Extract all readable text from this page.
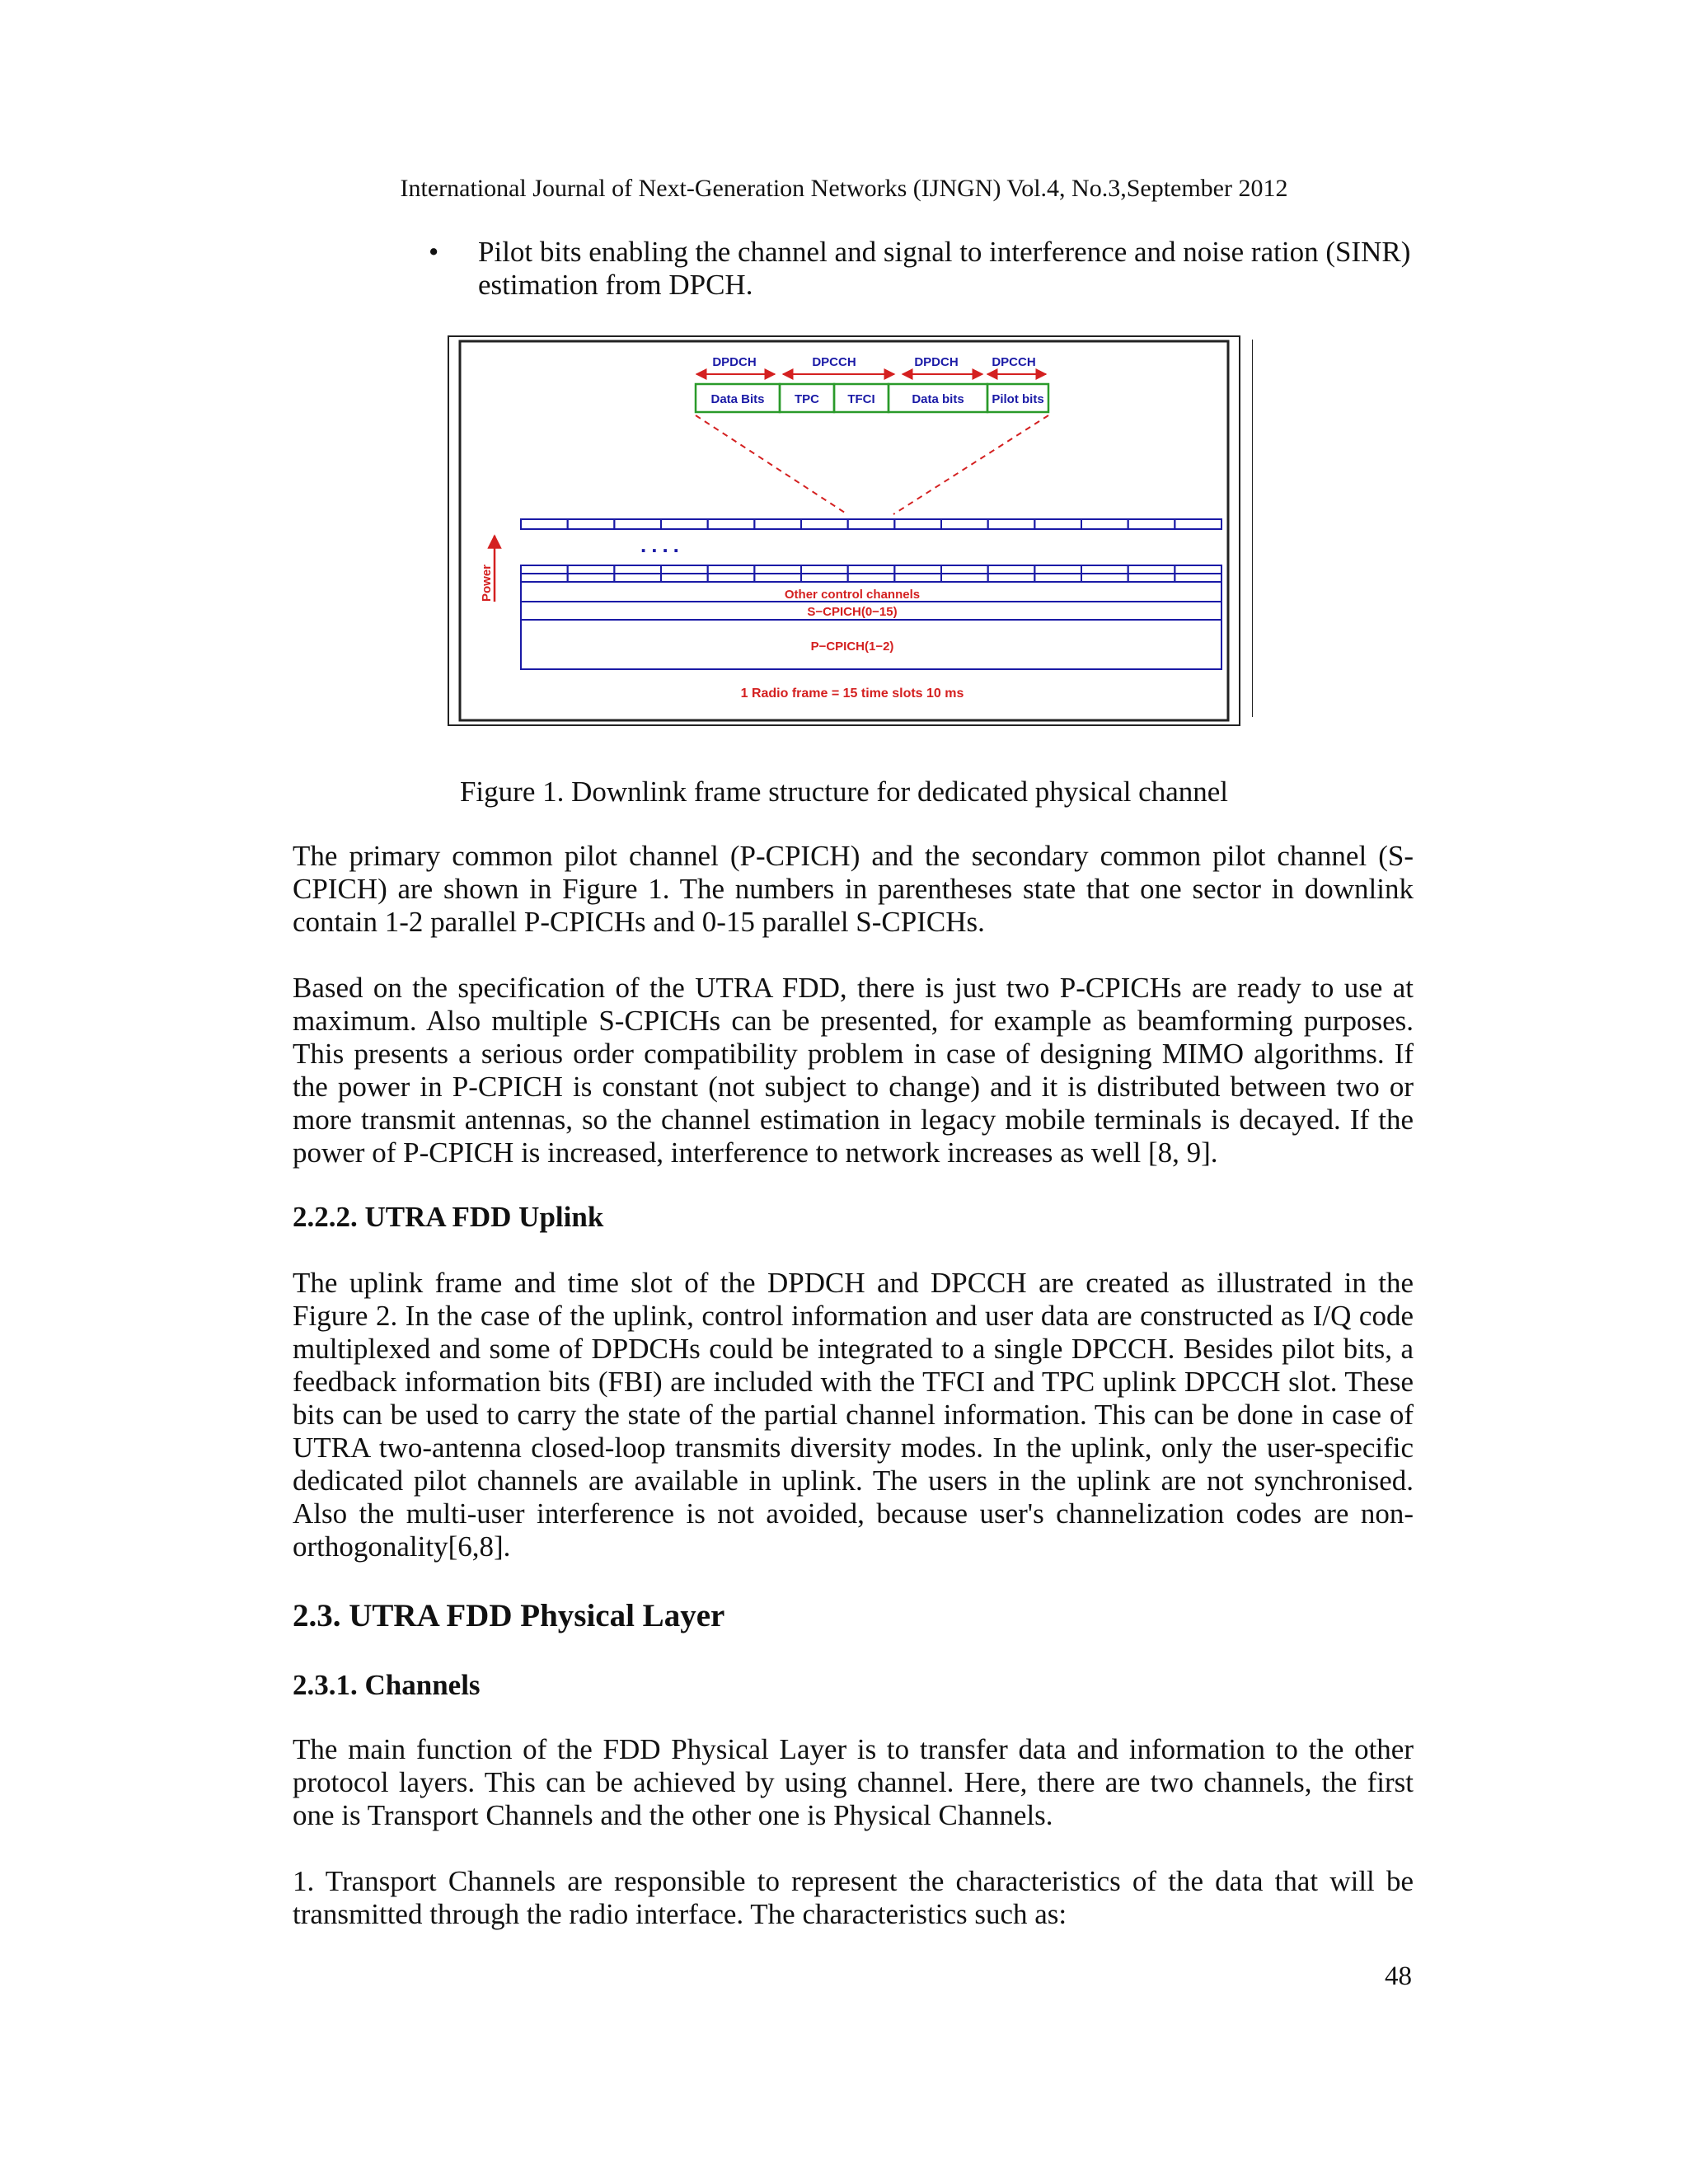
International Journal of Next-Generation Networks (IJNGN) Vol.4, No.3,September 2012
• Pilot bits enabling the channel and signal to interference and noise ration (SINR) estimation from DPCH.
DPDCH	DPCCH	DPDCH	DPCCH
Data Bits TPC TFCI	Data bits Pilot bits
....
Other control channels
S−CPICH(0−15)
P−CPICH(1−2)
Power
1 Radio frame = 15 time slots 10 ms
Figure 1. Downlink frame structure for dedicated physical channel
The primary common pilot channel (P-CPICH) and the secondary common pilot channel (S-CPICH) are shown in Figure 1. The numbers in parentheses state that one sector in downlink contain 1-2 parallel P-CPICHs and 0-15 parallel S-CPICHs.
Based on the specification of the UTRA FDD, there is just two P-CPICHs are ready to use at maximum. Also multiple S-CPICHs can be presented, for example as beamforming purposes. This presents a serious order compatibility problem in case of designing MIMO algorithms. If the power in P-CPICH is constant (not subject to change) and it is distributed between two or more transmit antennas, so the channel estimation in legacy mobile terminals is decayed. If the power of P-CPICH is increased, interference to network increases as well [8, 9].
2.2.2. UTRA FDD Uplink
The uplink frame and time slot of the DPDCH and DPCCH are created as illustrated in the Figure 2. In the case of the uplink, control information and user data are constructed as I/Q code multiplexed and some of DPDCHs could be integrated to a single DPCCH. Besides pilot bits, a feedback information bits (FBI) are included with the TFCI and TPC uplink DPCCH slot. These bits can be used to carry the state of the partial channel information. This can be done in case of UTRA two-antenna closed-loop transmits diversity modes. In the uplink, only the user-specific dedicated pilot channels are available in uplink. The users in the uplink are not synchronised. Also the multi-user interference is not avoided, because user's channelization codes are non-orthogonality[6,8].
2.3. UTRA FDD Physical Layer
2.3.1. Channels
The main function of the FDD Physical Layer is to transfer data and information to the other protocol layers. This can be achieved by using channel. Here, there are two channels, the first one is Transport Channels and the other one is Physical Channels.
1. Transport Channels are responsible to represent the characteristics of the data that will be transmitted through the radio interface. The characteristics such as:
48
